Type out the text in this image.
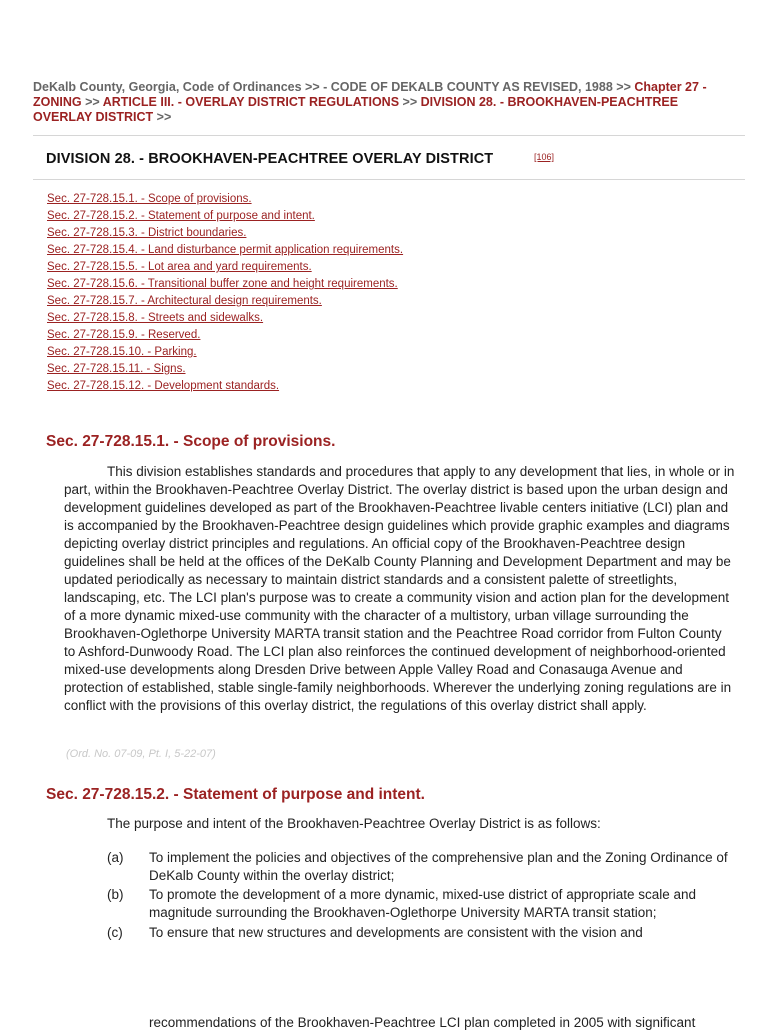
DeKalb County, Georgia, Code of Ordinances >> - CODE OF DEKALB COUNTY AS REVISED, 1988 >> Chapter 27 - ZONING >> ARTICLE III. - OVERLAY DISTRICT REGULATIONS >> DIVISION 28. - BROOKHAVEN-PEACHTREE OVERLAY DISTRICT >>
DIVISION 28. - BROOKHAVEN-PEACHTREE OVERLAY DISTRICT	[106]
Sec. 27-728.15.1. - Scope of provisions.
Sec. 27-728.15.2. - Statement of purpose and intent.
Sec. 27-728.15.3. - District boundaries.
Sec. 27-728.15.4. - Land disturbance permit application requirements.
Sec. 27-728.15.5. - Lot area and yard requirements.
Sec. 27-728.15.6. - Transitional buffer zone and height requirements.
Sec. 27-728.15.7. - Architectural design requirements.
Sec. 27-728.15.8. - Streets and sidewalks.
Sec. 27-728.15.9. - Reserved.
Sec. 27-728.15.10. - Parking.
Sec. 27-728.15.11. - Signs.
Sec. 27-728.15.12. - Development standards.
Sec. 27-728.15.1. - Scope of provisions.

This division establishes standards and procedures that apply to any development that lies, in whole or in part, within the Brookhaven-Peachtree Overlay District. The overlay district is based upon the urban design and development guidelines developed as part of the Brookhaven-Peachtree livable centers initiative (LCI) plan and is accompanied by the Brookhaven-Peachtree design guidelines which provide graphic examples and diagrams depicting overlay district principles and regulations. An official copy of the Brookhaven-Peachtree design guidelines shall be held at the offices of the DeKalb County Planning and Development Department and may be updated periodically as necessary to maintain district standards and a consistent palette of streetlights, landscaping, etc. The LCI plan's purpose was to create a community vision and action plan for the development of a more dynamic mixed-use community with the character of a multistory, urban village surrounding the Brookhaven-Oglethorpe University MARTA transit station and the Peachtree Road corridor from Fulton County to Ashford-Dunwoody Road. The LCI plan also reinforces the continued development of neighborhood-oriented mixed-use developments along Dresden Drive between Apple Valley Road and Conasauga Avenue and protection of established, stable single-family neighborhoods. Wherever the underlying zoning regulations are in conflict with the provisions of this overlay district, the regulations of this overlay district shall apply.

(Ord. No. 07-09, Pt. I, 5-22-07)
Sec. 27-728.15.2. - Statement of purpose and intent.
The purpose and intent of the Brookhaven-Peachtree Overlay District is as follows:
(a) To implement the policies and objectives of the comprehensive plan and the Zoning Ordinance of DeKalb County within the overlay district;
(b) To promote the development of a more dynamic, mixed-use district of appropriate scale and magnitude surrounding the Brookhaven-Oglethorpe University MARTA transit station;
(c) To ensure that new structures and developments are consistent with the vision and
recommendations of the Brookhaven-Peachtree LCI plan completed in 2005 with significant
